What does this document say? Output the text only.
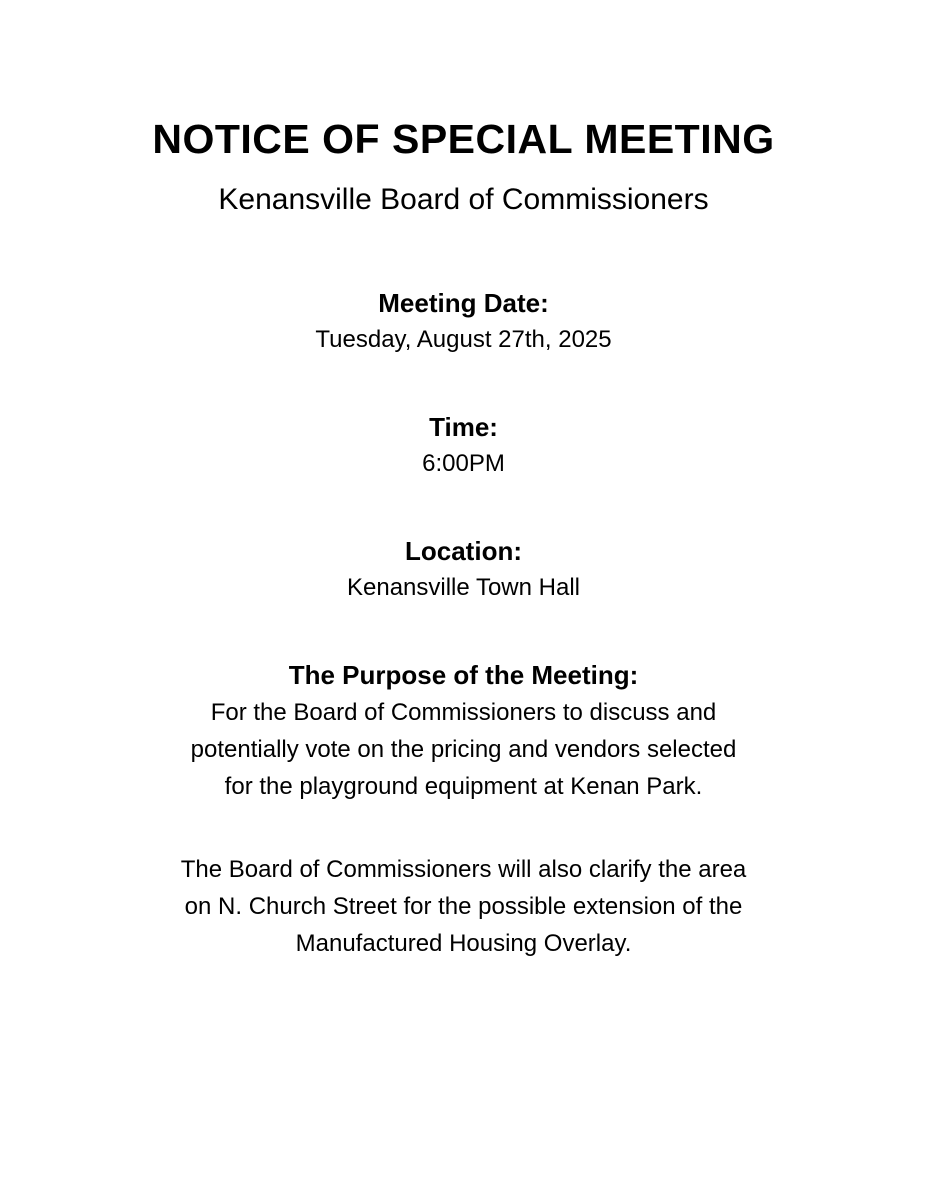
NOTICE OF SPECIAL MEETING

Kenansville Board of Commissioners

Meeting Date:

Tuesday, August 27th, 2025

Time:

6:00PM

Location:

Kenansville Town Hall

The Purpose of the Meeting:

For the Board of Commissioners to discuss and
potentially vote on the pricing and vendors selected
for the playground equipment at Kenan Park.

The Board of Commissioners will also clarify the area
on N. Church Street for the possible extension of the
Manufactured Housing Overlay.
